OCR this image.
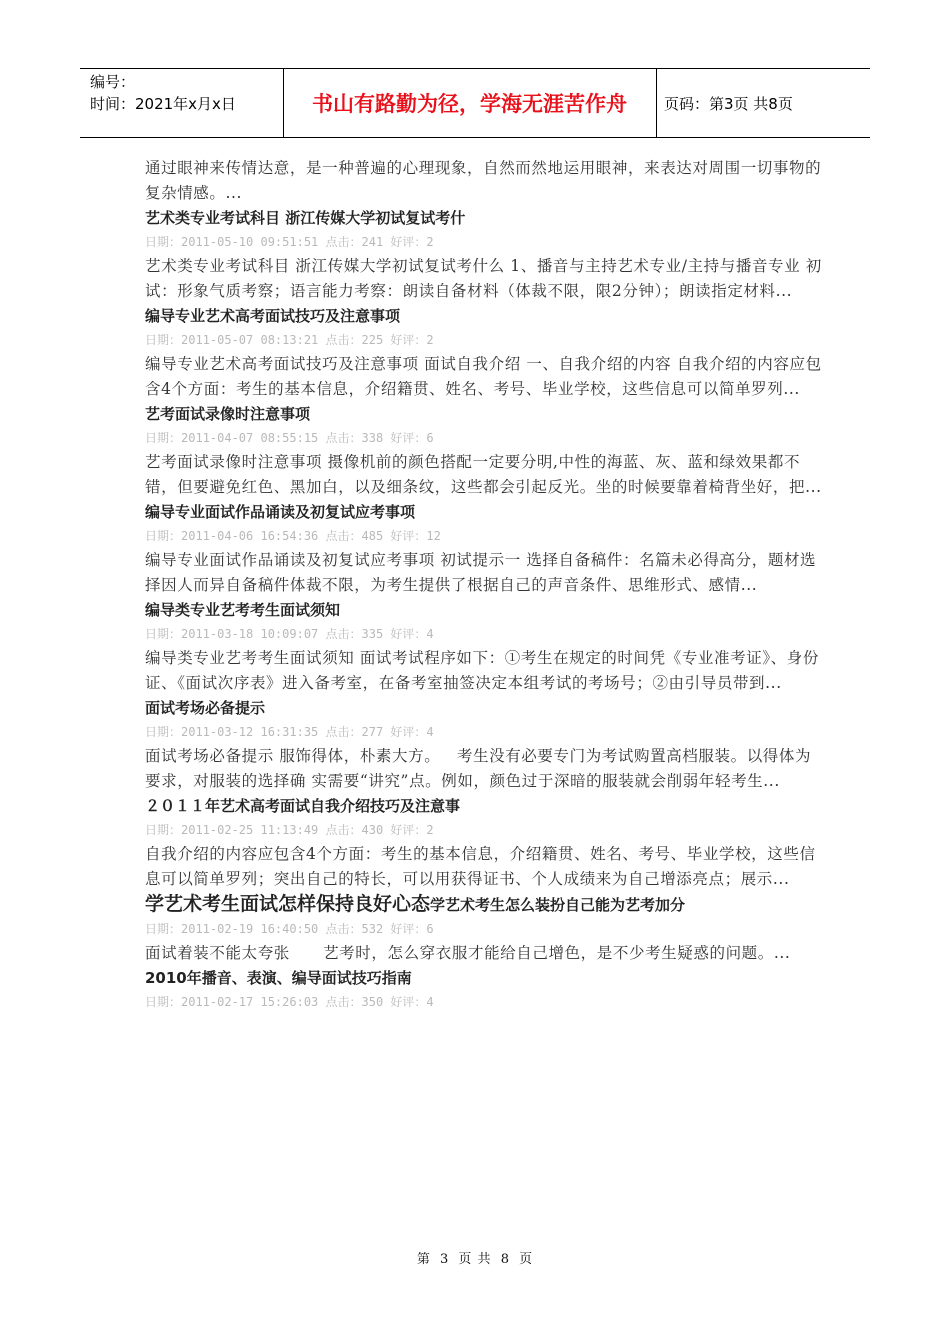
编号：
时间：2021年x月x日	书山有路勤为径，学海无涯苦作舟	页码：第3页 共8页
通过眼神来传情达意，是一种普遍的心理现象，自然而然地运用眼神，来表达对周围一切事物的复杂情感。...
艺术类专业考试科目 浙江传媒大学初试复试考什
日期：2011-05-10 09:51:51 点击：241 好评：2
艺术类专业考试科目 浙江传媒大学初试复试考什么 1、播音与主持艺术专业/主持与播音专业 初试：形象气质考察；语言能力考察：朗读自备材料（体裁不限，限2分钟）；朗读指定材料...
编导专业艺术高考面试技巧及注意事项
日期：2011-05-07 08:13:21 点击：225 好评：2
编导专业艺术高考面试技巧及注意事项 面试自我介绍 一、自我介绍的内容 自我介绍的内容应包含4个方面：考生的基本信息，介绍籍贯、姓名、考号、毕业学校，这些信息可以简单罗列...
艺考面试录像时注意事项
日期：2011-04-07 08:55:15 点击：338 好评：6
艺考面试录像时注意事项 摄像机前的颜色搭配一定要分明,中性的海蓝、灰、蓝和绿效果都不错，但要避免红色、黑加白，以及细条纹，这些都会引起反光。坐的时候要靠着椅背坐好，把...
编导专业面试作品诵读及初复试应考事项
日期：2011-04-06 16:54:36 点击：485 好评：12
编导专业面试作品诵读及初复试应考事项 初试提示一 选择自备稿件：名篇未必得高分，题材选择因人而异自备稿件体裁不限，为考生提供了根据自己的声音条件、思维形式、感情...
编导类专业艺考考生面试须知
日期：2011-03-18 10:09:07 点击：335 好评：4
编导类专业艺考考生面试须知 面试考试程序如下：①考生在规定的时间凭《专业准考证》、身份证、《面试次序表》进入备考室，在备考室抽签决定本组考试的考场号；②由引导员带到...
面试考场必备提示
日期：2011-03-12 16:31:35 点击：277 好评：4
面试考场必备提示 服饰得体，朴素大方。   考生没有必要专门为考试购置高档服装。以得体为要求，对服装的选择确 实需要“讲究”点。例如，颜色过于深暗的服装就会削弱年轻考生...
２０１１年艺术高考面试自我介绍技巧及注意事
日期：2011-02-25 11:13:49 点击：430 好评：2
自我介绍的内容应包含4个方面：考生的基本信息，介绍籍贯、姓名、考号、毕业学校，这些信息可以简单罗列；突出自己的特长，可以用获得证书、个人成绩来为自己增添亮点；展示...
学艺术考生面试怎样保持良好心态学艺术考生怎么装扮自己能为艺考加分
日期：2011-02-19 16:40:50 点击：532 好评：6
面试着装不能太夸张      艺考时，怎么穿衣服才能给自己增色，是不少考生疑惑的问题。...
2010年播音、表演、编导面试技巧指南
日期：2011-02-17 15:26:03 点击：350 好评：4
第 3 页 共 8 页
